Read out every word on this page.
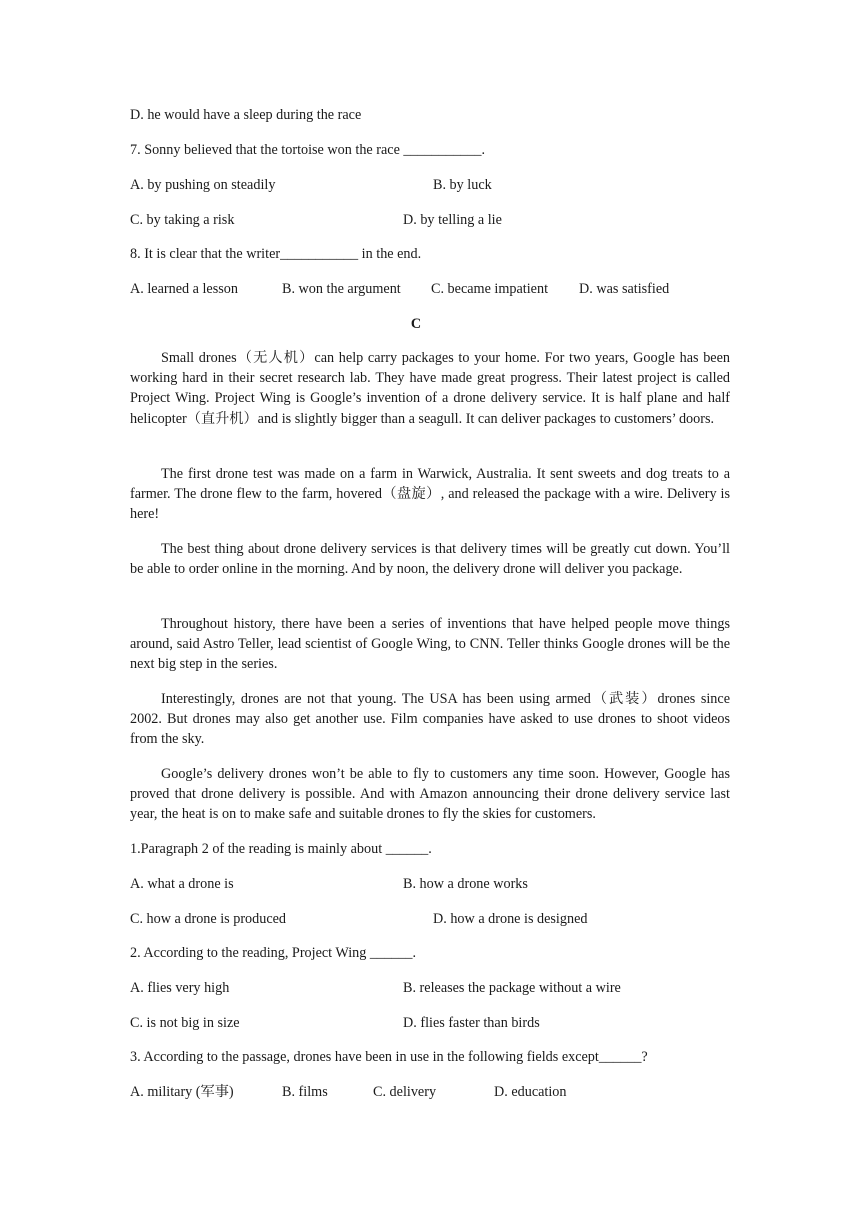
D. he would have a sleep during the race
7. Sonny believed that the tortoise won the race ___________.
A. by pushing on steadily	B. by luck
C. by taking a risk	D. by telling a lie
8. It is clear that the writer___________ in the end.
A. learned a lesson	B. won the argument C. became impatient D. was satisfied
C
Small drones（无人机）can help carry packages to your home. For two years, Google has been working hard in their secret research lab. They have made great progress. Their latest project is called Project Wing. Project Wing is Google’s invention of a drone delivery service. It is half plane and half helicopter（直升机）and is slightly bigger than a seagull. It can deliver packages to customers’ doors.
The first drone test was made on a farm in Warwick, Australia. It sent sweets and dog treats to a farmer. The drone flew to the farm, hovered（盘旋）, and released the package with a wire. Delivery is here!
The best thing about drone delivery services is that delivery times will be greatly cut down. You’ll be able to order online in the morning. And by noon, the delivery drone will deliver you package.
Throughout history, there have been a series of inventions that have helped people move things around, said Astro Teller, lead scientist of Google Wing, to CNN. Teller thinks Google drones will be the next big step in the series.
Interestingly, drones are not that young. The USA has been using armed（武装）drones since 2002. But drones may also get another use. Film companies have asked to use drones to shoot videos from the sky.
Google’s delivery drones won’t be able to fly to customers any time soon. However, Google has proved that drone delivery is possible. And with Amazon announcing their drone delivery service last year, the heat is on to make safe and suitable drones to fly the skies for customers.
1.Paragraph 2 of the reading is mainly about ______.
A. what a drone is	B. how a drone works
C. how a drone is produced	D. how a drone is designed
2. According to the reading, Project Wing ______.
A. flies very high	B. releases the package without a wire
C. is not big in size	D. flies faster than birds
3. According to the passage, drones have been in use in the following fields except______?
A. military (军事)	B. films	C. delivery	D. education
